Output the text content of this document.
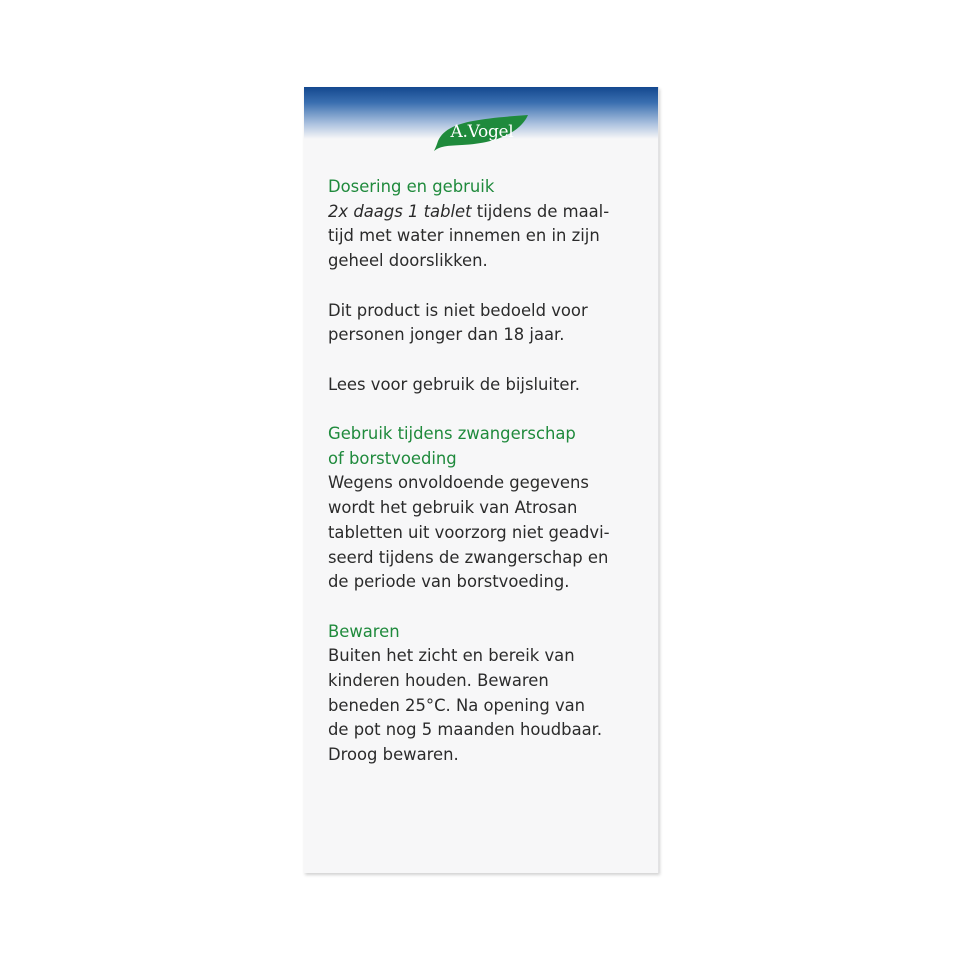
A.Vogel

Dosering en gebruik

2x daags 1 tablet tijdens de maal-

tijd met water innemen en in zijn

geheel doorslikken.

Dit product is niet bedoeld voor

personen jonger dan 18 jaar.

Lees voor gebruik de bijsluiter.

Gebruik tijdens zwangerschap

of borstvoeding

Wegens onvoldoende gegevens

wordt het gebruik van Atrosan

tabletten uit voorzorg niet geadvi-

seerd tijdens de zwangerschap en

de periode van borstvoeding.

Bewaren

Buiten het zicht en bereik van

kinderen houden. Bewaren

beneden 25°C. Na opening van

de pot nog 5 maanden houdbaar.

Droog bewaren.
